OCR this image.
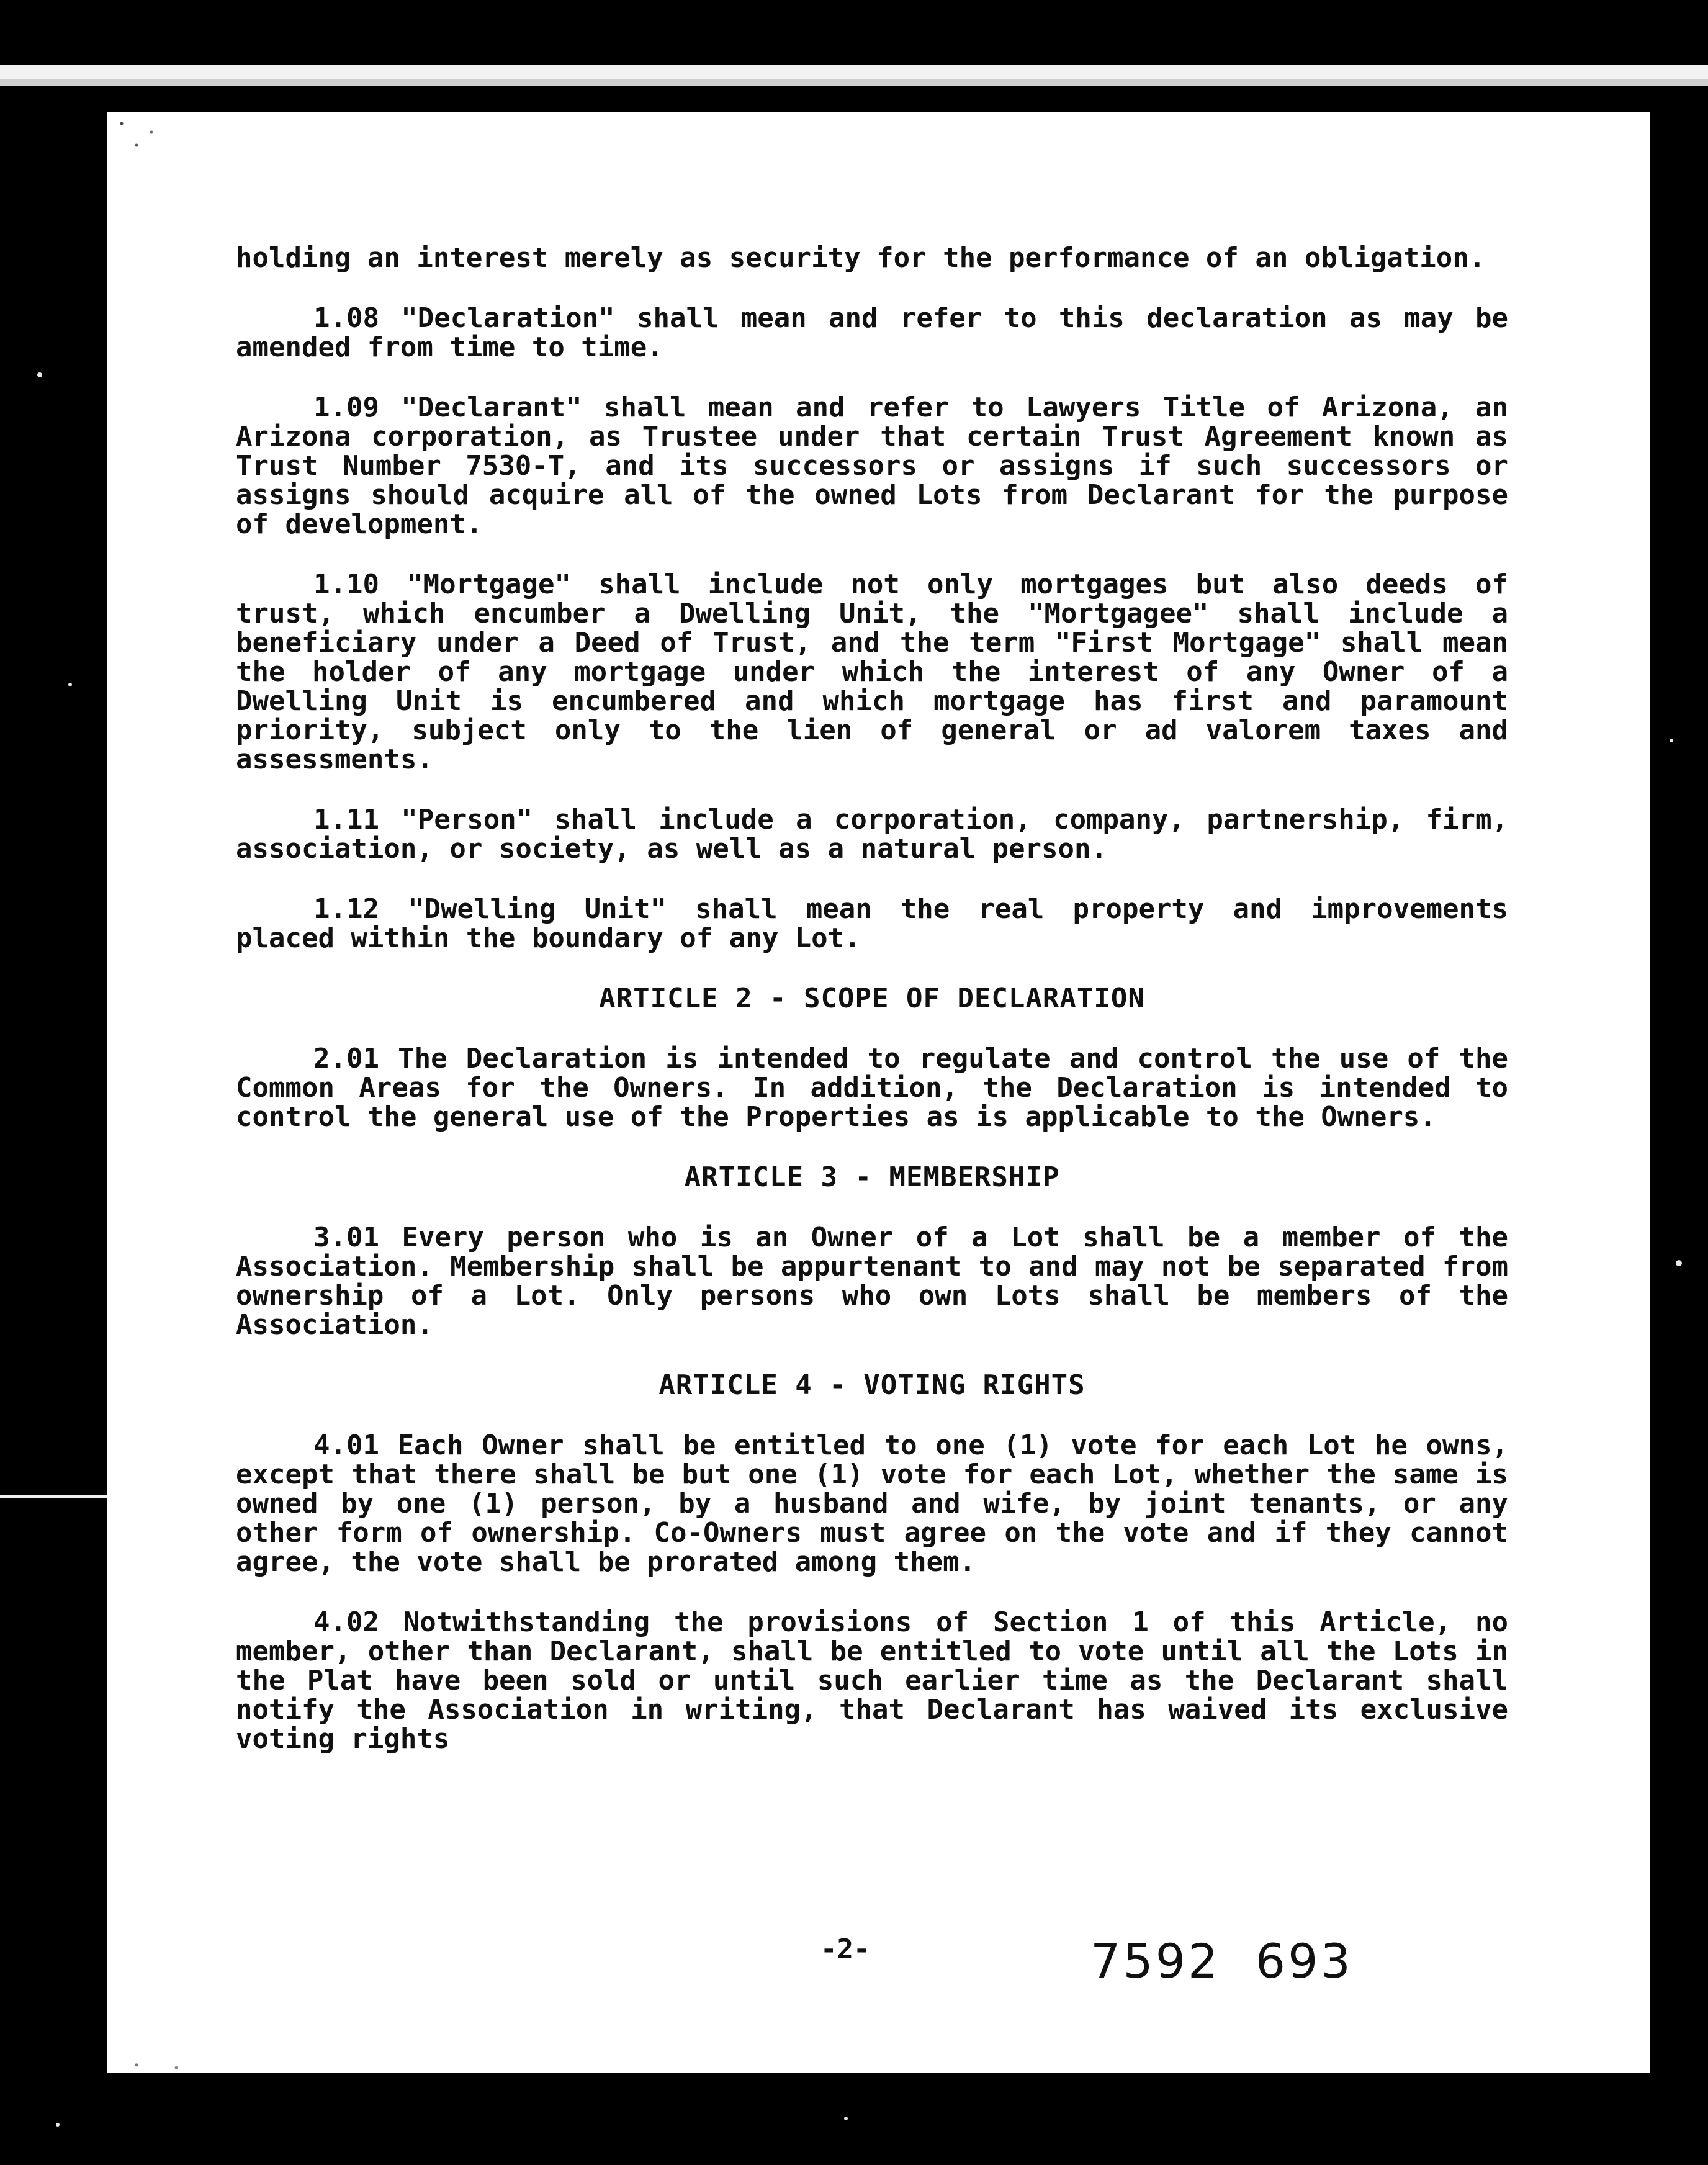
holding an interest merely as security for the performance of an obligation.

1.08 "Declaration" shall mean and refer to this declaration as may be amended from time to time.

1.09 "Declarant" shall mean and refer to Lawyers Title of Arizona, an Arizona corporation, as Trustee under that certain Trust Agreement known as Trust Number 7530-T, and its successors or assigns if such successors or assigns should acquire all of the owned Lots from Declarant for the purpose of development.

1.10 "Mortgage" shall include not only mortgages but also deeds of trust, which encumber a Dwelling Unit, the "Mortgagee" shall include a beneficiary under a Deed of Trust, and the term "First Mortgage" shall mean the holder of any mortgage under which the interest of any Owner of a Dwelling Unit is encumbered and which mortgage has first and paramount priority, subject only to the lien of general or ad valorem taxes and assessments.

1.11 "Person" shall include a corporation, company, partnership, firm, association, or society, as well as a natural person.

1.12 "Dwelling Unit" shall mean the real property and improvements placed within the boundary of any Lot.

ARTICLE 2 - SCOPE OF DECLARATION

2.01 The Declaration is intended to regulate and control the use of the Common Areas for the Owners. In addition, the Declaration is intended to control the general use of the Properties as is applicable to the Owners.

ARTICLE 3 - MEMBERSHIP

3.01 Every person who is an Owner of a Lot shall be a member of the Association. Membership shall be appurtenant to and may not be separated from ownership of a Lot. Only persons who own Lots shall be members of the Association.

ARTICLE 4 - VOTING RIGHTS

4.01 Each Owner shall be entitled to one (1) vote for each Lot he owns, except that there shall be but one (1) vote for each Lot, whether the same is owned by one (1) person, by a husband and wife, by joint tenants, or any other form of ownership. Co-Owners must agree on the vote and if they cannot agree, the vote shall be prorated among them.

4.02 Notwithstanding the provisions of Section 1 of this Article, no member, other than Declarant, shall be entitled to vote until all the Lots in the Plat have been sold or until such earlier time as the Declarant shall notify the Association in writing, that Declarant has waived its exclusive voting rights

-2-	7592  693
